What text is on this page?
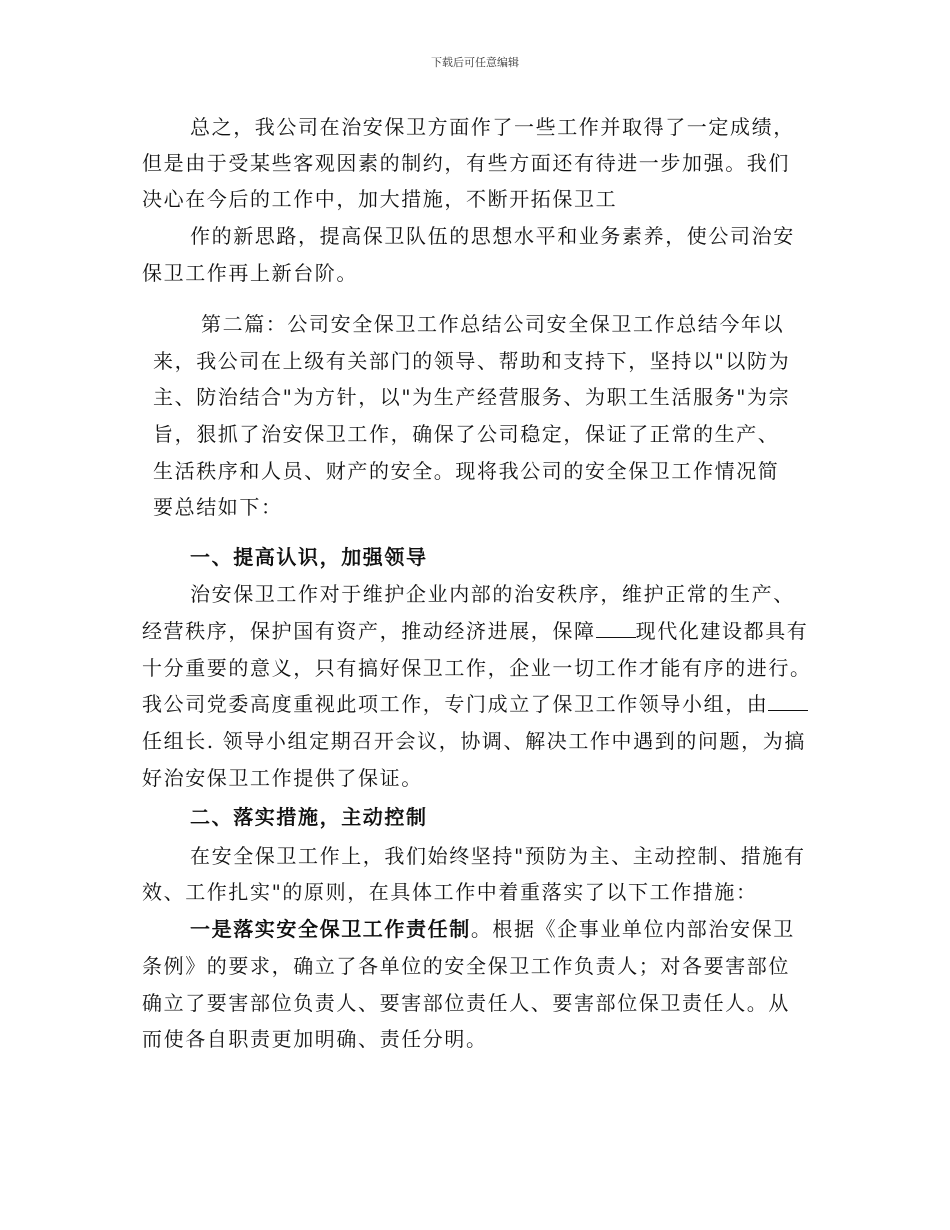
下载后可任意编辑
总之，我公司在治安保卫方面作了一些工作并取得了一定成绩，
但是由于受某些客观因素的制约，有些方面还有待进一步加强。我们
决心在今后的工作中，加大措施，不断开拓保卫工
作的新思路，提高保卫队伍的思想水平和业务素养，使公司治安
保卫工作再上新台阶。
第二篇：公司安全保卫工作总结公司安全保卫工作总结今年以
来，我公司在上级有关部门的领导、帮助和支持下，坚持以"以防为
主、防治结合"为方针，以"为生产经营服务、为职工生活服务"为宗
旨，狠抓了治安保卫工作，确保了公司稳定，保证了正常的生产、
生活秩序和人员、财产的安全。现将我公司的安全保卫工作情况简
要总结如下：
一、提高认识，加强领导
治安保卫工作对于维护企业内部的治安秩序，维护正常的生产、
经营秩序，保护国有资产，推动经济进展，保障 现代化建设都具有
十分重要的意义，只有搞好保卫工作，企业一切工作才能有序的进行。
我公司党委高度重视此项工作，专门成立了保卫工作领导小组，由
任组长. 领导小组定期召开会议，协调、解决工作中遇到的问题，为搞
好治安保卫工作提供了保证。
二、落实措施，主动控制
在安全保卫工作上，我们始终坚持"预防为主、主动控制、措施有
效、工作扎实"的原则，在具体工作中着重落实了以下工作措施：
一是落实安全保卫工作责任制。根据《企事业单位内部治安保卫
条例》的要求，确立了各单位的安全保卫工作负责人；对各要害部位
确立了要害部位负责人、要害部位责任人、要害部位保卫责任人。从
而使各自职责更加明确、责任分明。
